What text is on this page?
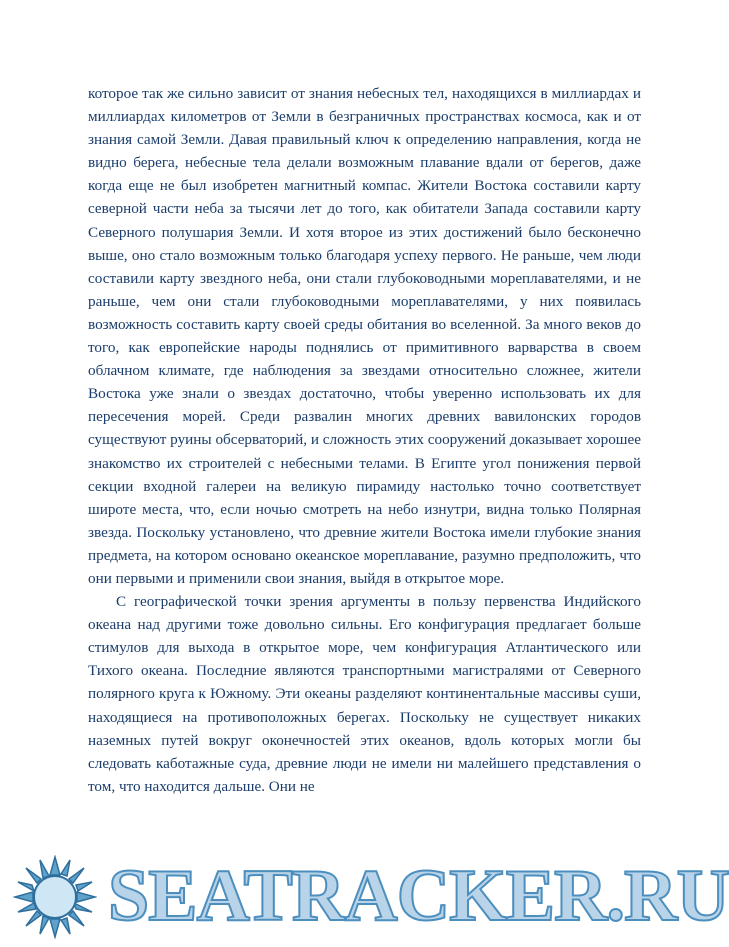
которое так же сильно зависит от знания небесных тел, находящихся в миллиардах и миллиардах километров от Земли в безграничных пространствах космоса, как и от знания самой Земли. Давая правильный ключ к определению направления, когда не видно берега, небесные тела делали возможным плавание вдали от берегов, даже когда еще не был изобретен магнитный компас. Жители Востока составили карту северной части неба за тысячи лет до того, как обитатели Запада составили карту Северного полушария Земли. И хотя второе из этих достижений было бесконечно выше, оно стало возможным только благодаря успеху первого. Не раньше, чем люди составили карту звездного неба, они стали глубоководными мореплавателями, и не раньше, чем они стали глубоководными мореплавателями, у них появилась возможность составить карту своей среды обитания во вселенной. За много веков до того, как европейские народы поднялись от примитивного варварства в своем облачном климате, где наблюдения за звездами относительно сложнее, жители Востока уже знали о звездах достаточно, чтобы уверенно использовать их для пересечения морей. Среди развалин многих древних вавилонских городов существуют руины обсерваторий, и сложность этих сооружений доказывает хорошее знакомство их строителей с небесными телами. В Египте угол понижения первой секции входной галереи на великую пирамиду настолько точно соответствует широте места, что, если ночью смотреть на небо изнутри, видна только Полярная звезда. Поскольку установлено, что древние жители Востока имели глубокие знания предмета, на котором основано океанское мореплавание, разумно предположить, что они первыми и применили свои знания, выйдя в открытое море.

С географической точки зрения аргументы в пользу первенства Индийского океана над другими тоже довольно сильны. Его конфигурация предлагает больше стимулов для выхода в открытое море, чем конфигурация Атлантического или Тихого океана. Последние являются транспортными магистралями от Северного полярного круга к Южному. Эти океаны разделяют континентальные массивы суши, находящиеся на противоположных берегах. Поскольку не существует никаких наземных путей вокруг оконечностей этих океанов, вдоль которых могли бы следовать каботажные суда, древние люди не имели ни малейшего представления о том, что находится дальше. Они не

SEATRACKER.RU
